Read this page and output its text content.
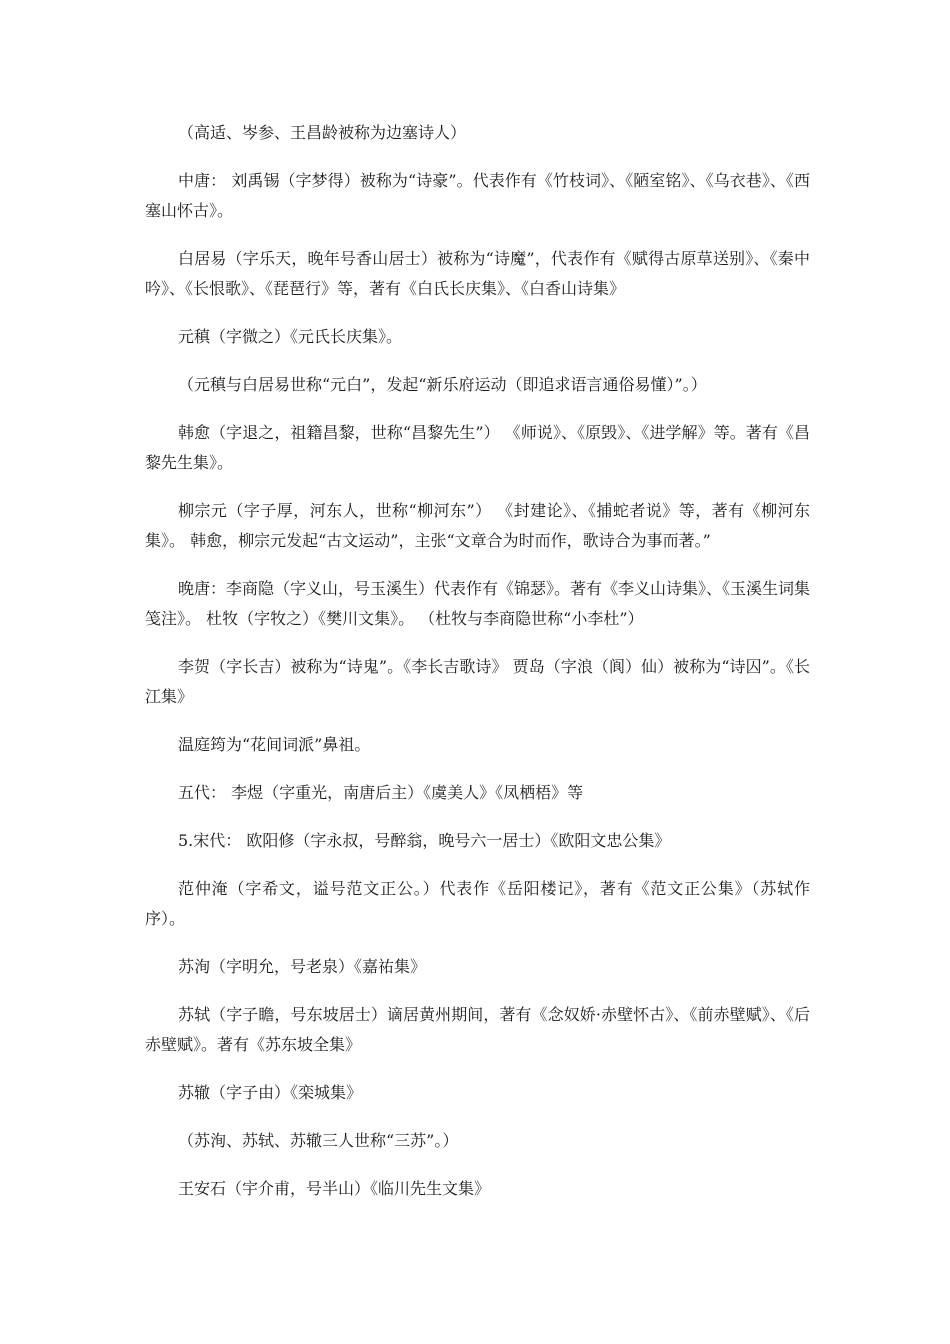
（高适、岑参、王昌龄被称为边塞诗人）

中唐： 刘禹锡（字梦得）被称为“诗豪”。代表作有《竹枝词》、《陋室铭》、《乌衣巷》、《西塞山怀古》。

白居易（字乐天，晚年号香山居士）被称为“诗魔”，代表作有《赋得古原草送别》、《秦中吟》、《长恨歌》、《琵琶行》等，著有《白氏长庆集》、《白香山诗集》

元稹（字微之）《元氏长庆集》。

（元稹与白居易世称“元白”，发起“新乐府运动（即追求语言通俗易懂）”。）

韩愈（字退之，祖籍昌黎，世称“昌黎先生”） 《师说》、《原毁》、《进学解》等。著有《昌黎先生集》。

柳宗元（字子厚，河东人，世称“柳河东”） 《封建论》、《捕蛇者说》等，著有《柳河东集》。 韩愈，柳宗元发起“古文运动”，主张“文章合为时而作，歌诗合为事而著。”

晚唐：李商隐（字义山，号玉溪生）代表作有《锦瑟》。著有《李义山诗集》、《玉溪生词集笺注》。 杜牧（字牧之）《樊川文集》。 （杜牧与李商隐世称“小李杜”）

李贺（字长吉）被称为“诗鬼”。《李长吉歌诗》 贾岛（字浪（阆）仙）被称为“诗囚”。《长江集》

温庭筠为“花间词派”鼻祖。

五代： 李煜（字重光，南唐后主）《虞美人》《凤栖梧》等

5.宋代： 欧阳修（字永叔，号醉翁，晚号六一居士）《欧阳文忠公集》

范仲淹（字希文，谥号范文正公。）代表作《岳阳楼记》，著有《范文正公集》（苏轼作序）。

苏洵（字明允，号老泉）《嘉祐集》

苏轼（字子瞻，号东坡居士）谪居黄州期间，著有《念奴娇·赤壁怀古》、《前赤壁赋》、《后赤壁赋》。著有《苏东坡全集》

苏辙（字子由）《栾城集》

（苏洵、苏轼、苏辙三人世称“三苏”。）

王安石（宇介甫，号半山）《临川先生文集》
